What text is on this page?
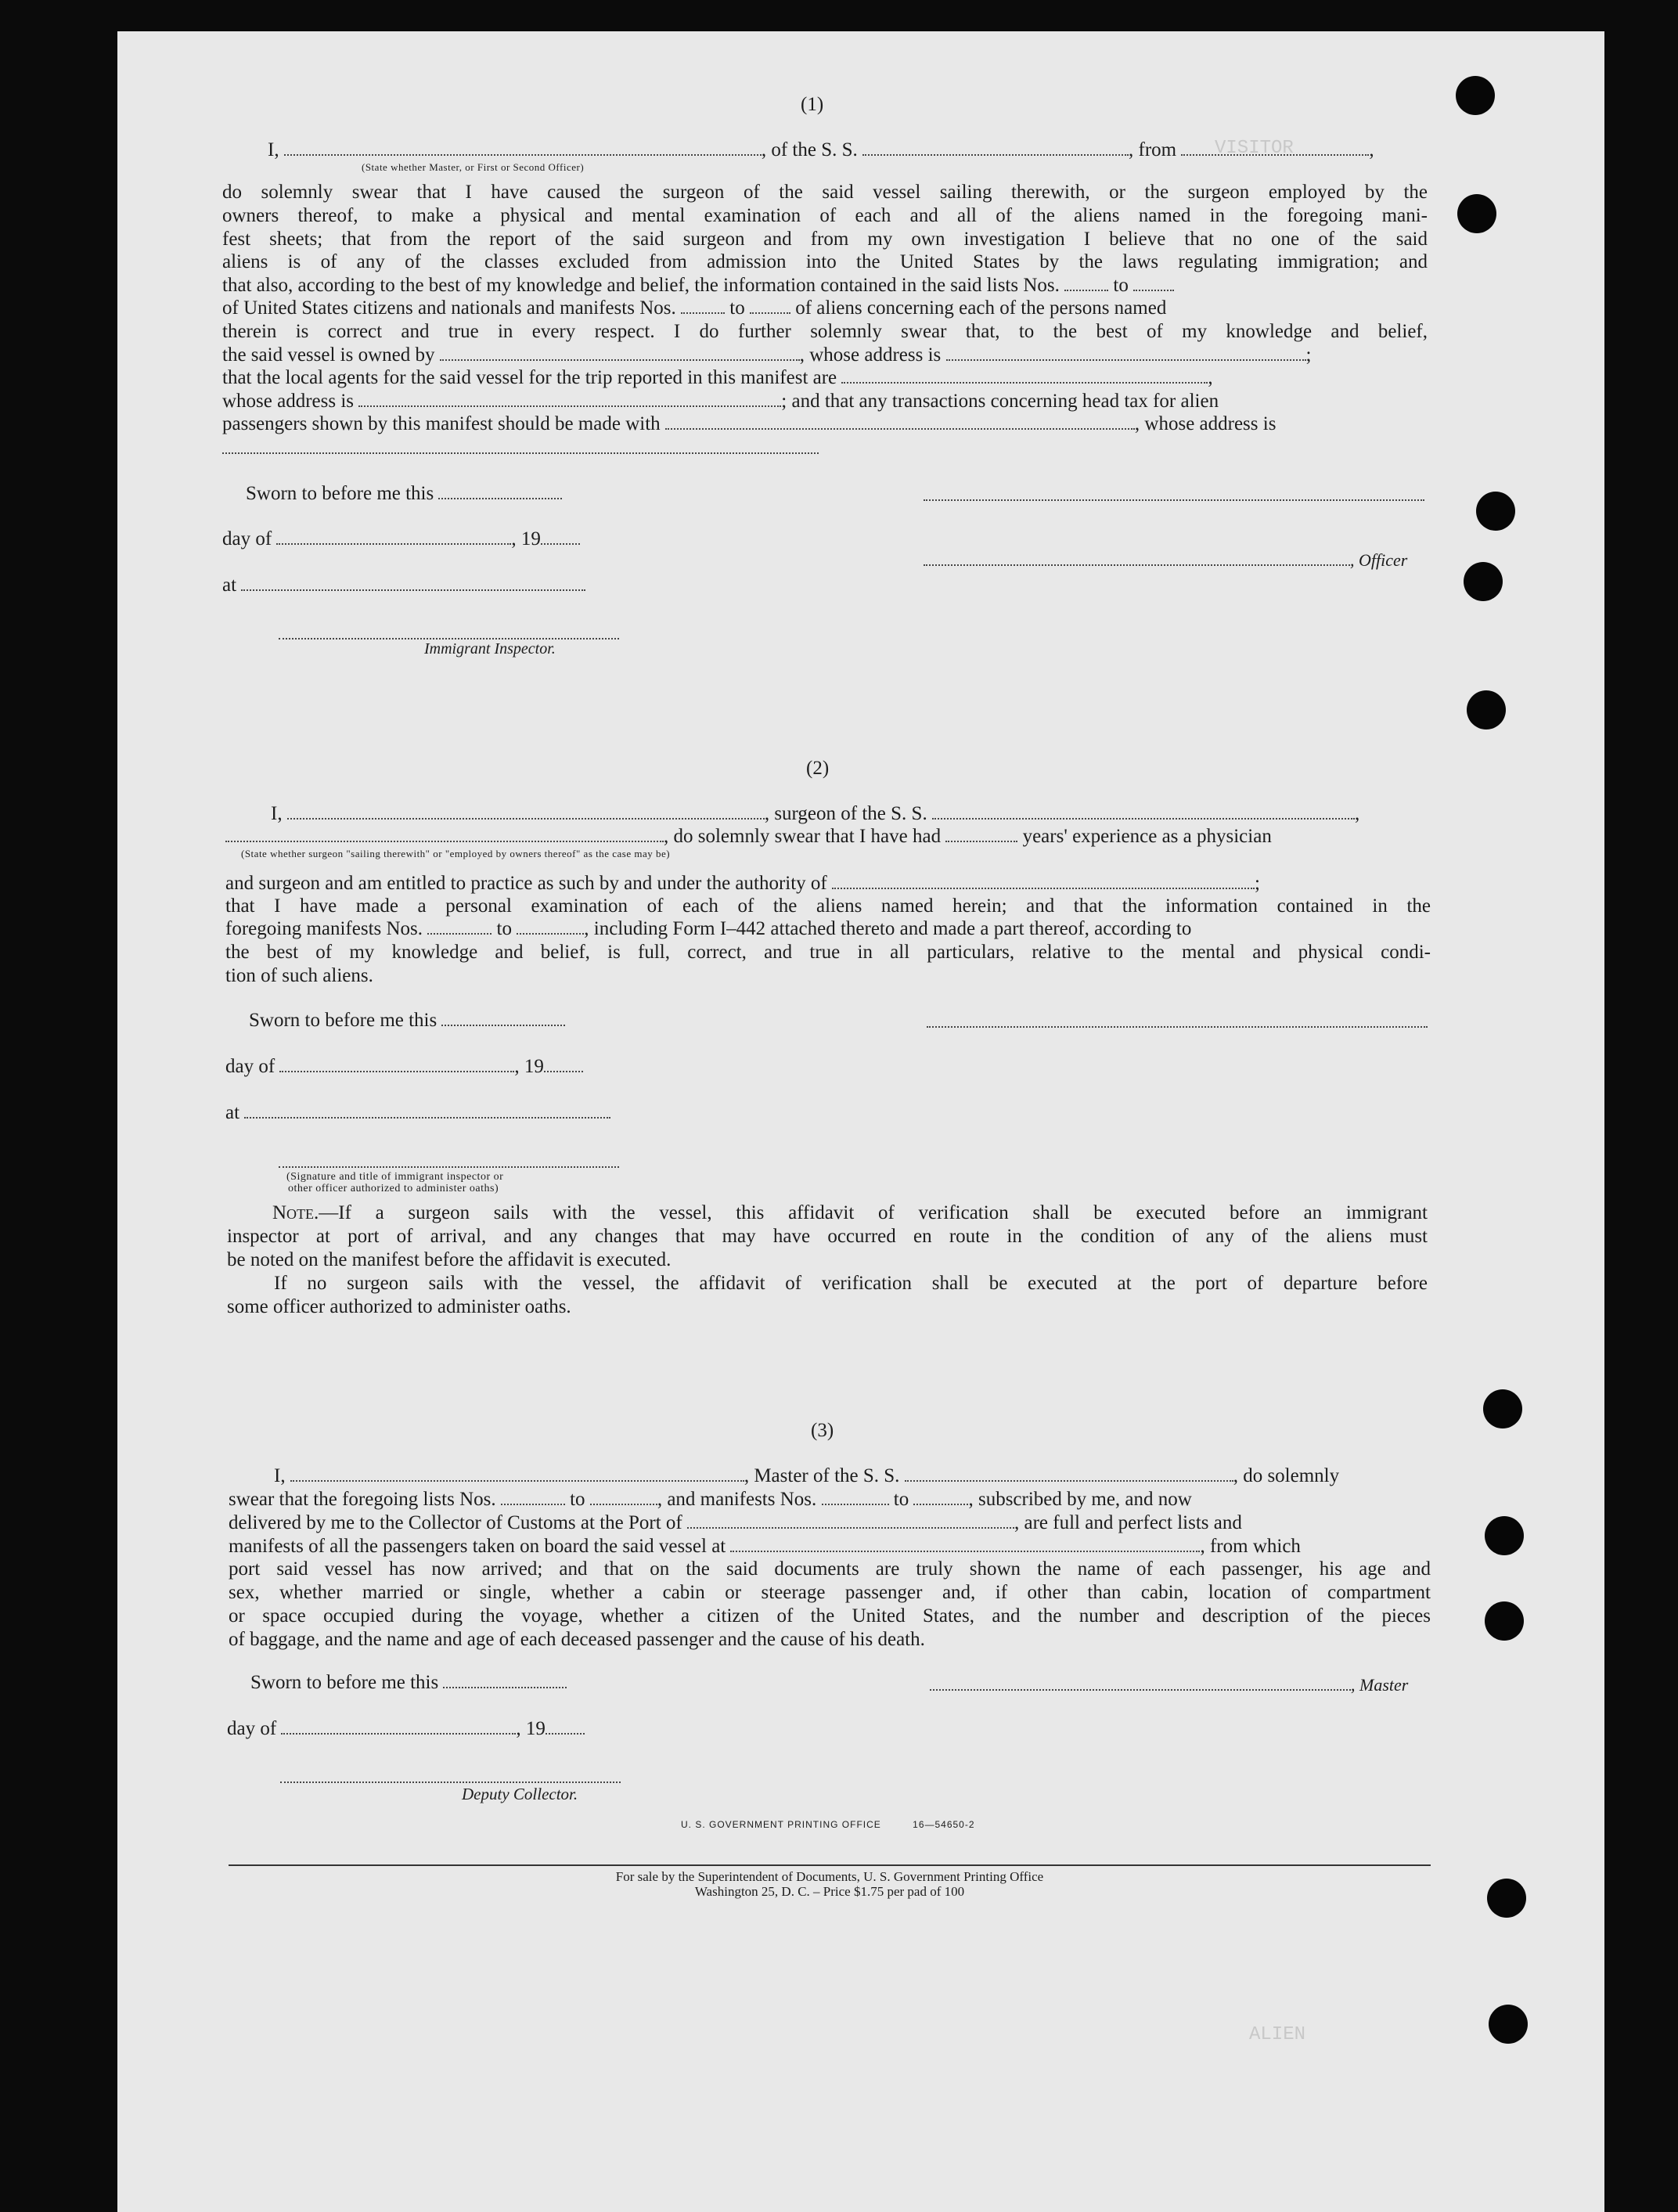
VISITOR
ALIEN
(1)
I,	, of the S. S.	, from	,
(State whether Master, or First or Second Officer)
do solemnly swear that I have caused the surgeon of the said vessel sailing therewith, or the surgeon employed by the
owners thereof, to make a physical and mental examination of each and all of the aliens named in the foregoing mani-
fest sheets; that from the report of the said surgeon and from my own investigation I believe that no one of the said
aliens is of any of the classes excluded from admission into the United States by the laws regulating immigration; and
that also, according to the best of my knowledge and belief, the information contained in the said lists Nos.	to
of United States citizens and nationals and manifests Nos.	to	of aliens concerning each of the persons named
therein is correct and true in every respect. I do further solemnly swear that, to the best of my knowledge and belief,
the said vessel is owned by	, whose address is	;
that the local agents for the said vessel for the trip reported in this manifest are	,
whose address is	; and that any transactions concerning head tax for alien
passengers shown by this manifest should be made with	, whose address is
Sworn to before me this
day of	, 19
, Officer
at
Immigrant Inspector.
(2)
I,	, surgeon of the S. S.	,
, do solemnly swear that I have had	years' experience as a physician
(State whether surgeon "sailing therewith" or "employed by owners thereof" as the case may be)
and surgeon and am entitled to practice as such by and under the authority of	;
that I have made a personal examination of each of the aliens named herein; and that the information contained in the
foregoing manifests Nos.	to	, including Form I–442 attached thereto and made a part thereof, according to
the best of my knowledge and belief, is full, correct, and true in all particulars, relative to the mental and physical condi-
tion of such aliens.
Sworn to before me this
day of	, 19
at
(Signature and title of immigrant inspector or
other officer authorized to administer oaths)
Note.—If a surgeon sails with the vessel, this affidavit of verification shall be executed before an immigrant
inspector at port of arrival, and any changes that may have occurred en route in the condition of any of the aliens must
be noted on the manifest before the affidavit is executed.
If no surgeon sails with the vessel, the affidavit of verification shall be executed at the port of departure before
some officer authorized to administer oaths.
(3)
I,	, Master of the S. S.	, do solemnly
swear that the foregoing lists Nos.	to	, and manifests Nos.	to	, subscribed by me, and now
delivered by me to the Collector of Customs at the Port of	, are full and perfect lists and
manifests of all the passengers taken on board the said vessel at	, from which
port said vessel has now arrived; and that on the said documents are truly shown the name of each passenger, his age and
sex, whether married or single, whether a cabin or steerage passenger and, if other than cabin, location of compartment
or space occupied during the voyage, whether a citizen of the United States, and the number and description of the pieces
of baggage, and the name and age of each deceased passenger and the cause of his death.
Sworn to before me this	, Master
day of	, 19
Deputy Collector.
U. S. GOVERNMENT PRINTING OFFICE	16—54650-2
For sale by the Superintendent of Documents, U. S. Government Printing Office
Washington 25, D. C. – Price $1.75 per pad of 100
